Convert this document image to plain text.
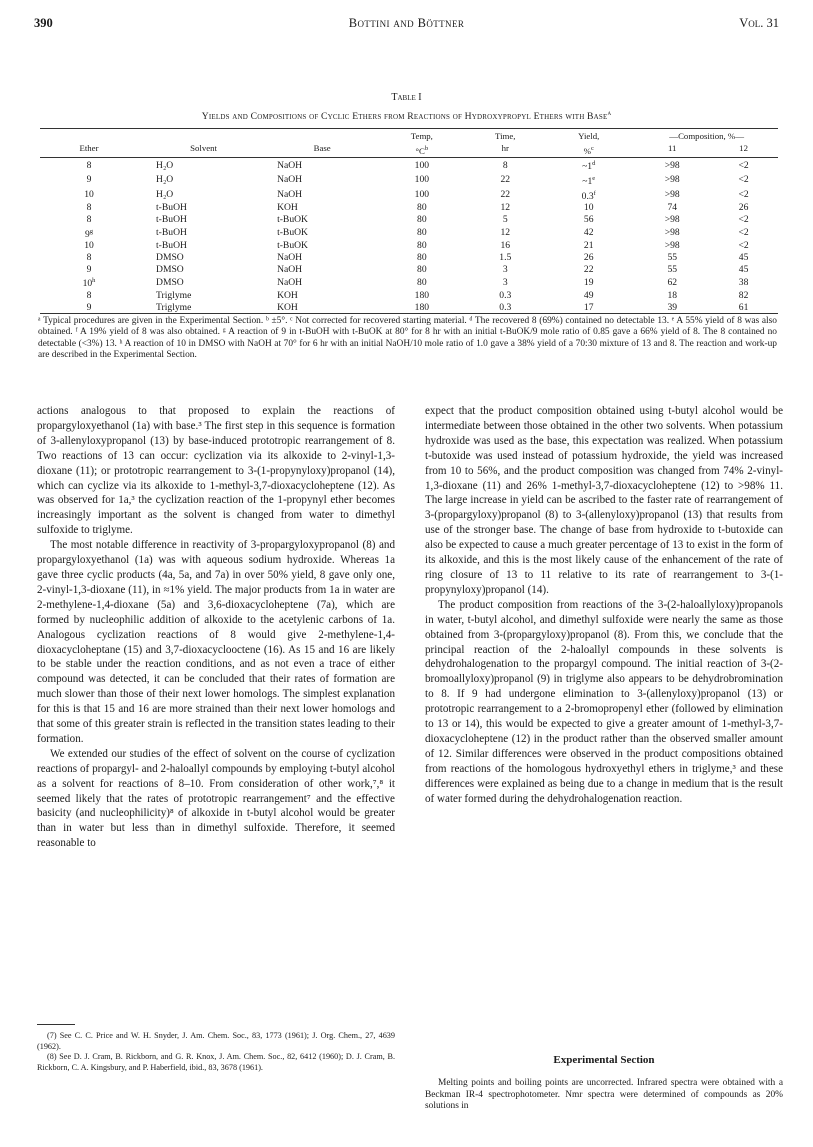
390	Bottini and Böttner	Vol. 31
Table I
Yields and Compositions of Cyclic Ethers from Reactions of Hydroxypropyl Ethers with Base$^a$

			Temp,	Time,	Yield,	—Composition, %—	
Ether	Solvent	Base	$^\circ C^b$	hr	%$^c$	11	12
8	H₂O	NaOH	100	8	$\sim 1^d$	>98	<2
9	H₂O	NaOH	100	22	$\sim 1^e$	>98	<2
10	H₂O	NaOH	100	22	0.3$^f$	>98	<2
8	t-BuOH	KOH	80	12	10	74	26
8	t-BuOH	t-BuOK	80	5	56	>98	<2
9$^g$	t-BuOH	t-BuOK	80	12	42	>98	<2
10	t-BuOH	t-BuOK	80	16	21	>98	<2
8	DMSO	NaOH	80	1.5	26	55	45
9	DMSO	NaOH	80	3	22	55	45
10$^h$	DMSO	NaOH	80	3	19	62	38
8	Triglyme	KOH	180	0.3	49	18	82
9	Triglyme	KOH	180	0.3	17	39	61
ᵃ Typical procedures are given in the Experimental Section. ᵇ ±5°. ᶜ Not corrected for recovered starting material. ᵈ The recovered 8 (69%) contained no detectable 13. ᵉ A 55% yield of 8 was also obtained. ᶠ A 19% yield of 8 was also obtained. ᵍ A reaction of 9 in t-BuOH with t-BuOK at 80° for 8 hr with an initial t-BuOK/9 mole ratio of 0.85 gave a 66% yield of 8. The 8 contained no detectable (<3%) 13. ʰ A reaction of 10 in DMSO with NaOH at 70° for 6 hr with an initial NaOH/10 mole ratio of 1.0 gave a 38% yield of a 70:30 mixture of 13 and 8. The reaction and work-up are described in the Experimental Section.

actions analogous to that proposed to explain the reactions of propargyloxyethanol (1a) with base.³ The first step in this sequence is formation of 3-allenyloxypropanol (13) by base-induced prototropic rearrangement of 8. Two reactions of 13 can occur: cyclization via its alkoxide to 2-vinyl-1,3-dioxane (11); or prototropic rearrangement to 3-(1-propynyloxy)propanol (14), which can cyclize via its alkoxide to 1-methyl-3,7-dioxacycloheptene (12). As was observed for 1a,³ the cyclization reaction of the 1-propynyl ether becomes increasingly important as the solvent is changed from water to dimethyl sulfoxide to triglyme.

The most notable difference in reactivity of 3-propargyloxypropanol (8) and propargyloxyethanol (1a) was with aqueous sodium hydroxide. Whereas 1a gave three cyclic products (4a, 5a, and 7a) in over 50% yield, 8 gave only one, 2-vinyl-1,3-dioxane (11), in ≈1% yield. The major products from 1a in water are 2-methylene-1,4-dioxane (5a) and 3,6-dioxacycloheptene (7a), which are formed by nucleophilic addition of alkoxide to the acetylenic carbons of 1a. Analogous cyclization reactions of 8 would give 2-methylene-1,4-dioxacycloheptane (15) and 3,7-dioxacyclooctene (16). As 15 and 16 are likely to be stable under the reaction conditions, and as not even a trace of either compound was detected, it can be concluded that their rates of formation are much slower than those of their next lower homologs. The simplest explanation for this is that 15 and 16 are more strained than their next lower homologs and that some of this greater strain is reflected in the transition states leading to their formation.

We extended our studies of the effect of solvent on the course of cyclization reactions of propargyl- and 2-haloallyl compounds by employing t-butyl alcohol as a solvent for reactions of 8–10. From consideration of other work,⁷,⁸ it seemed likely that the rates of prototropic rearrangement⁷ and the effective basicity (and nucleophilicity)⁸ of alkoxide in t-butyl alcohol would be greater than in water but less than in dimethyl sulfoxide. Therefore, it seemed reasonable to

(7) See C. C. Price and W. H. Snyder, J. Am. Chem. Soc., 83, 1773 (1961); J. Org. Chem., 27, 4639 (1962).

(8) See D. J. Cram, B. Rickborn, and G. R. Knox, J. Am. Chem. Soc., 82, 6412 (1960); D. J. Cram, B. Rickborn, C. A. Kingsbury, and P. Haberfield, ibid., 83, 3678 (1961).

expect that the product composition obtained using t-butyl alcohol would be intermediate between those obtained in the other two solvents. When potassium hydroxide was used as the base, this expectation was realized. When potassium t-butoxide was used instead of potassium hydroxide, the yield was increased from 10 to 56%, and the product composition was changed from 74% 2-vinyl-1,3-dioxane (11) and 26% 1-methyl-3,7-dioxacycloheptene (12) to >98% 11. The large increase in yield can be ascribed to the faster rate of rearrangement of 3-(propargyloxy)propanol (8) to 3-(allenyloxy)propanol (13) that results from use of the stronger base. The change of base from hydroxide to t-butoxide can also be expected to cause a much greater percentage of 13 to exist in the form of its alkoxide, and this is the most likely cause of the enhancement of the rate of ring closure of 13 to 11 relative to its rate of rearrangement to 3-(1-propynyloxy)propanol (14).

The product composition from reactions of the 3-(2-haloallyloxy)propanols in water, t-butyl alcohol, and dimethyl sulfoxide were nearly the same as those obtained from 3-(propargyloxy)propanol (8). From this, we conclude that the principal reaction of the 2-haloallyl compounds in these solvents is dehydrohalogenation to the propargyl compound. The initial reaction of 3-(2-bromoallyloxy)propanol (9) in triglyme also appears to be dehydrobromination to 8. If 9 had undergone elimination to 3-(allenyloxy)propanol (13) or prototropic rearrangement to a 2-bromopropenyl ether (followed by elimination to 13 or 14), this would be expected to give a greater amount of 1-methyl-3,7-dioxacycloheptene (12) in the product rather than the observed smaller amount of 12. Similar differences were observed in the product compositions obtained from reactions of the homologous hydroxyethyl ethers in triglyme,³ and these differences were explained as being due to a change in medium that is the result of water formed during the dehydrohalogenation reaction.

Experimental Section

Melting points and boiling points are uncorrected. Infrared spectra were obtained with a Beckman IR-4 spectrophotometer. Nmr spectra were determined of compounds as 20% solutions in
